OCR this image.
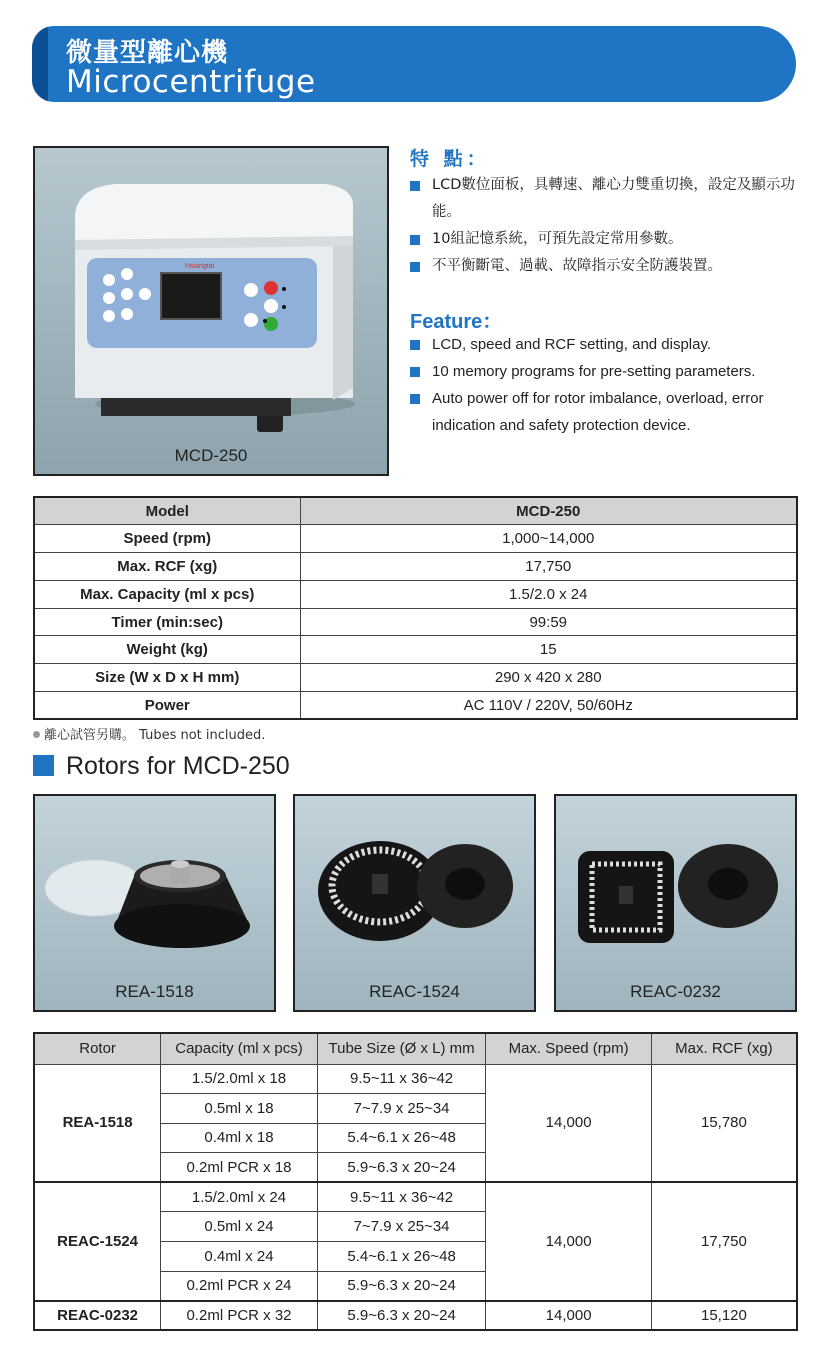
微量型離心機
Microcentrifuge
Hsiangtai
MCD-250
特 點：
LCD數位面板，具轉速、離心力雙重切換，設定及顯示功能。
10組記憶系統，可預先設定常用參數。
不平衡斷電、過載、故障指示安全防護裝置。
Feature：
LCD, speed and RCF setting, and display.
10 memory programs for pre-setting parameters.
Auto power off for rotor imbalance, overload, error indication and safety protection device.
Model	MCD-250
Speed (rpm)	1,000~14,000
Max. RCF (xg)	17,750
Max. Capacity (ml x pcs)	1.5/2.0 x 24
Timer (min:sec)	99:59
Weight (kg)	15
Size (W x D x H mm)	290 x 420 x 280
Power	AC 110V / 220V, 50/60Hz
離心試管另購。 Tubes not included.
Rotors for MCD-250
REA-1518	REAC-1524	REAC-0232
Rotor	Capacity (ml x pcs)	Tube Size (Ø x L) mm	Max. Speed (rpm)	Max. RCF (xg)
REA-1518	1.5/2.0ml x 18	9.5~11 x 36~42	14,000	15,780
	0.5ml x 18	7~7.9 x 25~34		
	0.4ml x 18	5.4~6.1 x 26~48		
	0.2ml PCR x 18	5.9~6.3 x 20~24		
REAC-1524	1.5/2.0ml x 24	9.5~11 x 36~42	14,000	17,750
	0.5ml x 24	7~7.9 x 25~34		
	0.4ml x 24	5.4~6.1 x 26~48		
	0.2ml PCR x 24	5.9~6.3 x 20~24		
REAC-0232	0.2ml PCR x 32	5.9~6.3 x 20~24	14,000	15,120
